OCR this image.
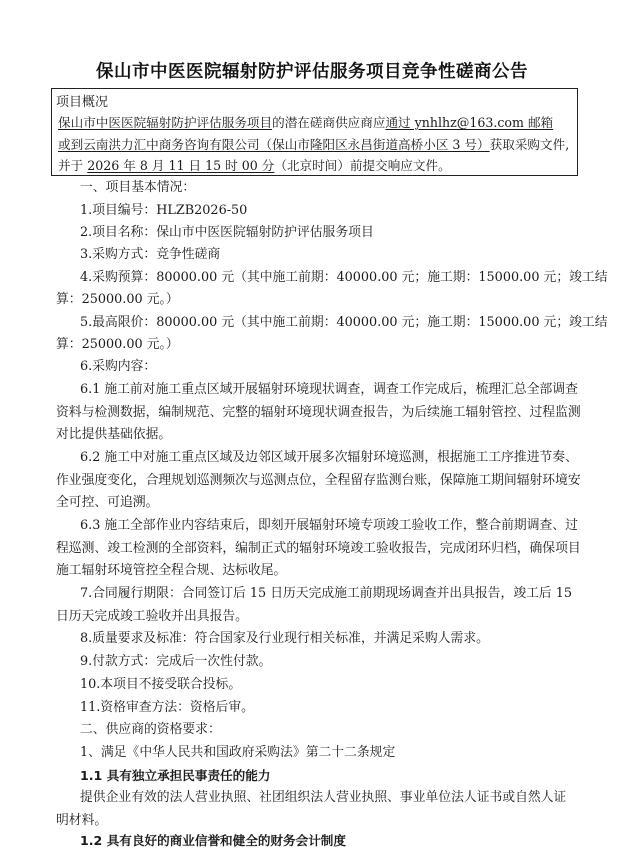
保山市中医医院辐射防护评估服务项目竞争性磋商公告
项目概况
保山市中医医院辐射防护评估服务项目的潜在磋商供应商应通过 ynhlhz@163.com 邮箱
或到云南洪力汇中商务咨询有限公司（保山市隆阳区永昌街道高桥小区 3 号）获取采购文件,
并于 2026 年 8 月 11 日 15 时 00 分（北京时间）前提交响应文件。
一、项目基本情况：
1.项目编号：HLZB2026-50
2.项目名称：保山市中医医院辐射防护评估服务项目
3.采购方式：竞争性磋商
4.采购预算：80000.00 元（其中施工前期：40000.00 元；施工期：15000.00 元；竣工结
算：25000.00 元。）
5.最高限价：80000.00 元（其中施工前期：40000.00 元；施工期：15000.00 元；竣工结
算：25000.00 元。）
6.采购内容：
6.1 施工前对施工重点区域开展辐射环境现状调查，调查工作完成后，梳理汇总全部调查
资料与检测数据，编制规范、完整的辐射环境现状调查报告，为后续施工辐射管控、过程监测
对比提供基础依据。
6.2 施工中对施工重点区域及边邻区域开展多次辐射环境巡测，根据施工工序推进节奏、
作业强度变化，合理规划巡测频次与巡测点位，全程留存监测台账，保障施工期间辐射环境安
全可控、可追溯。
6.3 施工全部作业内容结束后，即刻开展辐射环境专项竣工验收工作，整合前期调查、过
程巡测、竣工检测的全部资料，编制正式的辐射环境竣工验收报告，完成闭环归档，确保项目
施工辐射环境管控全程合规、达标收尾。
7.合同履行期限：合同签订后 15 日历天完成施工前期现场调查并出具报告，竣工后 15
日历天完成竣工验收并出具报告。
8.质量要求及标准：符合国家及行业现行相关标准，并满足采购人需求。
9.付款方式：完成后一次性付款。
10.本项目不接受联合投标。
11.资格审查方法：资格后审。
二、供应商的资格要求：
1、满足《中华人民共和国政府采购法》第二十二条规定
1.1 具有独立承担民事责任的能力
提供企业有效的法人营业执照、社团组织法人营业执照、事业单位法人证书或自然人证
明材料。
1.2 具有良好的商业信誉和健全的财务会计制度
